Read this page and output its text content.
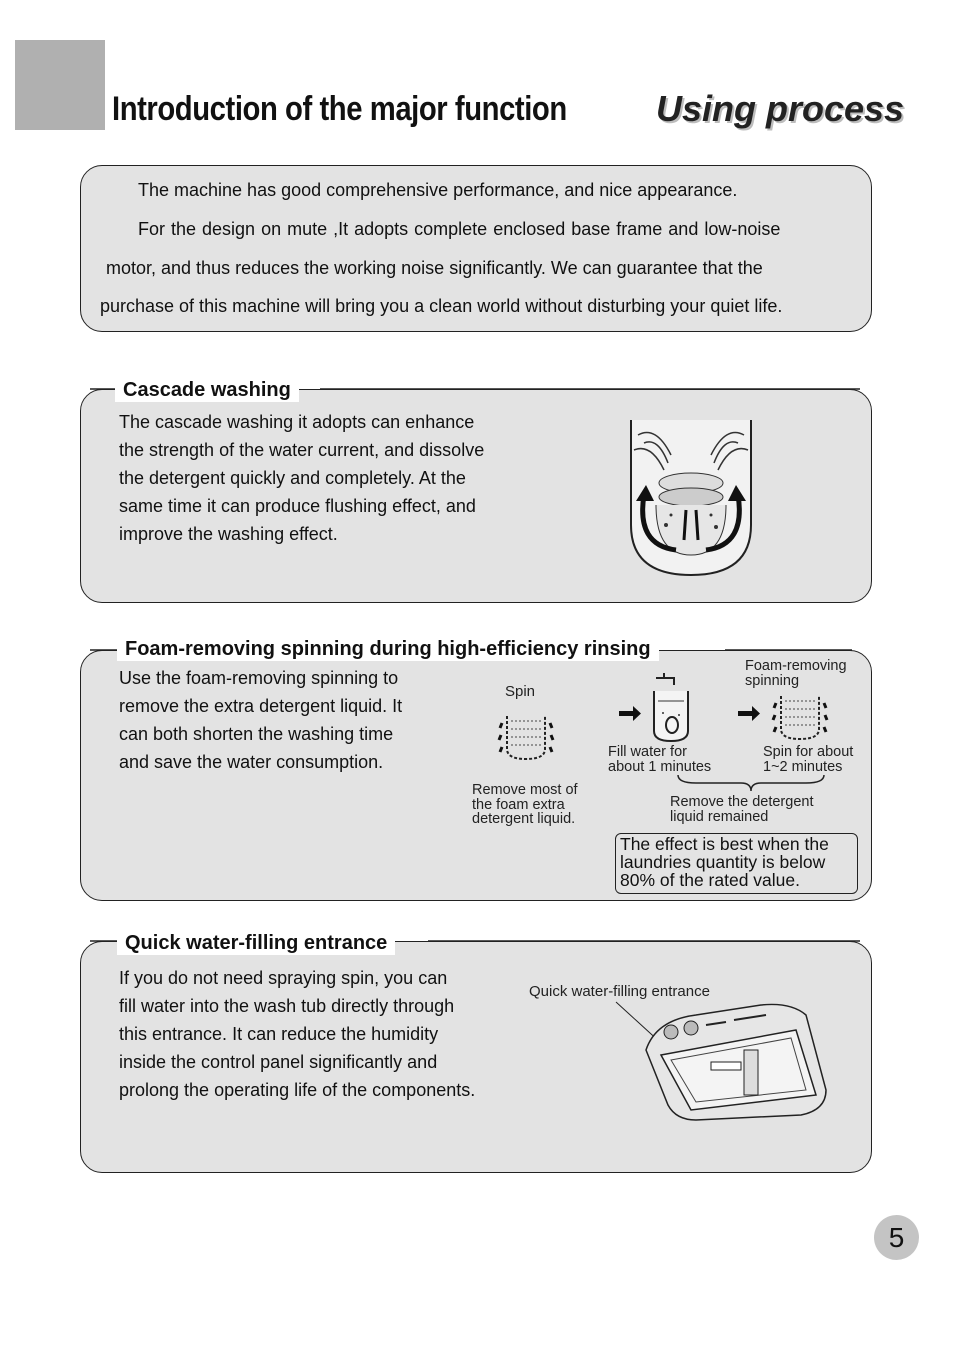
Introduction of the major function Using process

The machine has good comprehensive performance, and nice appearance.

For the design on mute ,It adopts complete enclosed base frame and low-noise

motor, and thus reduces the working noise significantly. We can guarantee that the

purchase of this machine will bring you a clean world without disturbing your quiet life.

The cascade washing it adopts can enhance
the strength of the water current, and dissolve
the detergent quickly and completely. At the
same time it can produce flushing effect, and
improve the washing effect.
Cascade washing
Use the foam-removing spinning to
remove the extra detergent liquid. It
can both shorten the washing time
and save the water consumption.
Spin
Foam-removing
spinning
Fill water for
about 1 minutes
Spin for about
1~2 minutes
Remove most of
the foam extra
detergent liquid.
Remove the detergent
liquid remained
The effect is best when the
laundries quantity is below
80% of the rated value.
Foam-removing spinning during high-efficiency rinsing
If you do not need spraying spin, you can
fill water into the wash tub directly through
this entrance. It can reduce the humidity
inside the control panel significantly and
prolong the operating life of the components.
Quick water-filling entrance
Quick water-filling entrance
5
